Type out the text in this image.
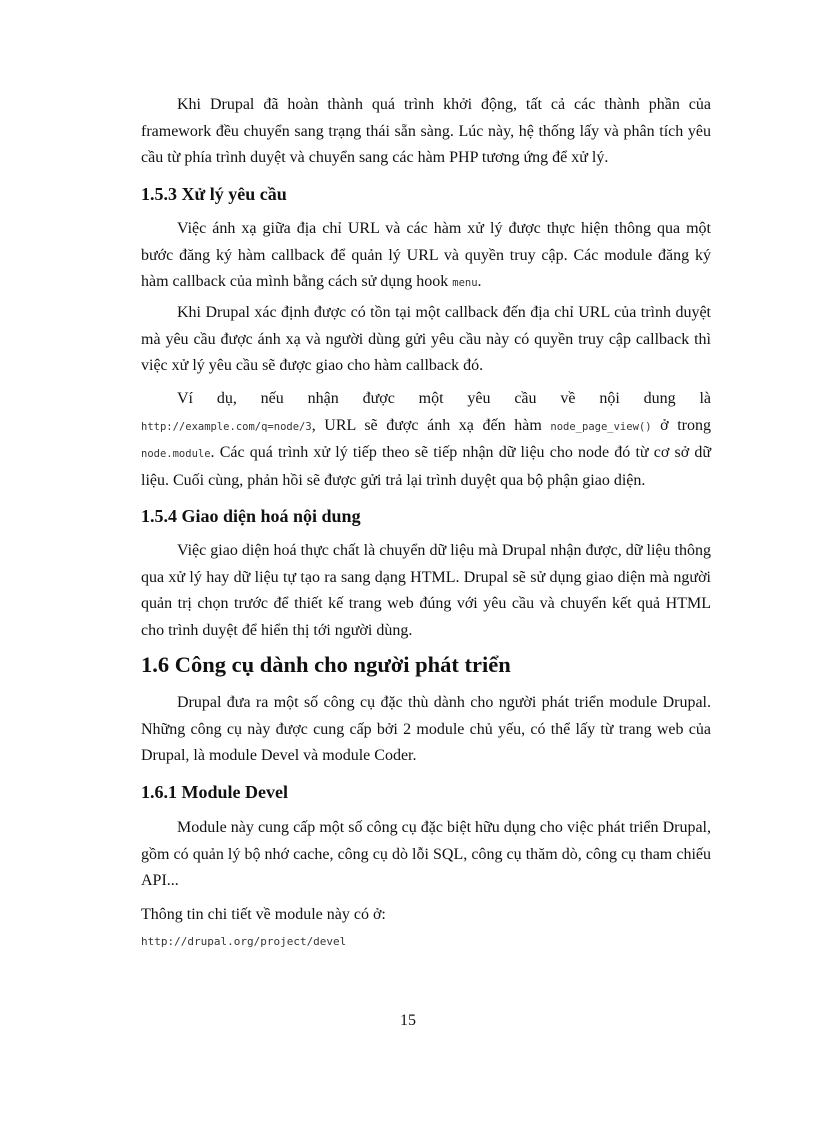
Khi Drupal đã hoàn thành quá trình khởi động, tất cả các thành phần của framework đều chuyển sang trạng thái sẵn sàng. Lúc này, hệ thống lấy và phân tích yêu cầu từ phía trình duyệt và chuyển sang các hàm PHP tương ứng để xử lý.

1.5.3 Xử lý yêu cầu

Việc ánh xạ giữa địa chỉ URL và các hàm xử lý được thực hiện thông qua một bước đăng ký hàm callback để quản lý URL và quyền truy cập. Các module đăng ký hàm callback của mình bằng cách sử dụng hook menu.

Khi Drupal xác định được có tồn tại một callback đến địa chỉ URL của trình duyệt mà yêu cầu được ánh xạ và người dùng gửi yêu cầu này có quyền truy cập callback thì việc xử lý yêu cầu sẽ được giao cho hàm callback đó.

Ví dụ, nếu nhận được một yêu cầu về nội dung là
http://example.com/q=node/3, URL sẽ được ánh xạ đến hàm node_page_view() ở trong node.module. Các quá trình xử lý tiếp theo sẽ tiếp nhận dữ liệu cho node đó từ cơ sở dữ liệu. Cuối cùng, phản hồi sẽ được gửi trả lại trình duyệt qua bộ phận giao diện.

1.5.4 Giao diện hoá nội dung

Việc giao diện hoá thực chất là chuyển dữ liệu mà Drupal nhận được, dữ liệu thông qua xử lý hay dữ liệu tự tạo ra sang dạng HTML. Drupal sẽ sử dụng giao diện mà người quản trị chọn trước để thiết kế trang web đúng với yêu cầu và chuyển kết quả HTML cho trình duyệt để hiển thị tới người dùng.

1.6 Công cụ dành cho người phát triển

Drupal đưa ra một số công cụ đặc thù dành cho người phát triển module Drupal. Những công cụ này được cung cấp bởi 2 module chủ yếu, có thể lấy từ trang web của Drupal, là module Devel và module Coder.

1.6.1 Module Devel

Module này cung cấp một số công cụ đặc biệt hữu dụng cho việc phát triển Drupal, gồm có quản lý bộ nhớ cache, công cụ dò lỗi SQL, công cụ thăm dò, công cụ tham chiếu API...

Thông tin chi tiết về module này có ở:

http://drupal.org/project/devel

15
